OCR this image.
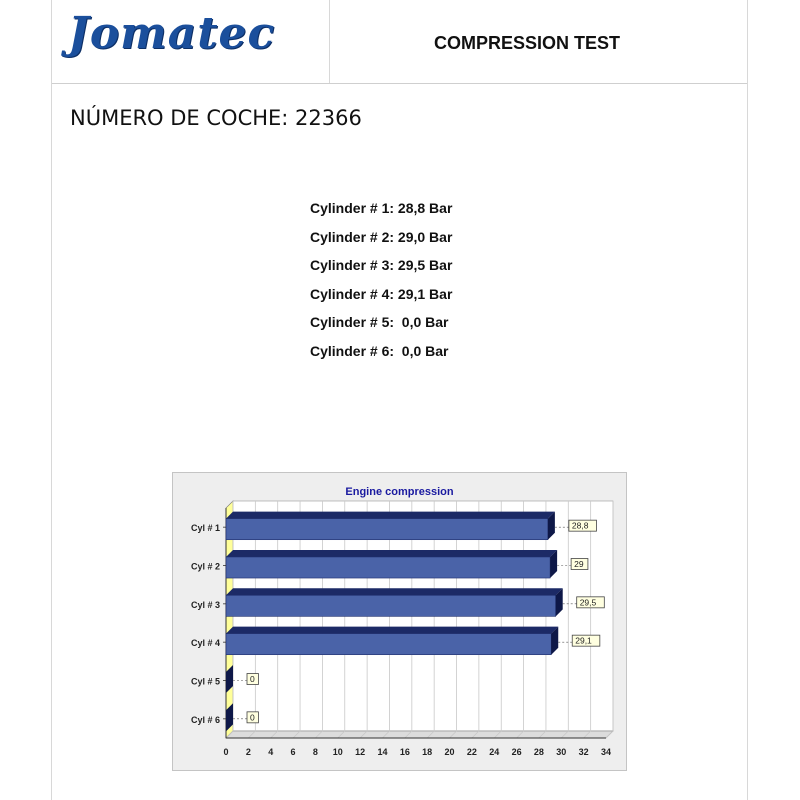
Jomatec	COMPRESSION TEST
NÚMERO DE COCHE: 22366
Cylinder # 1: 28,8 Bar
Cylinder # 2: 29,0 Bar
Cylinder # 3: 29,5 Bar
Cylinder # 4: 29,1 Bar
Cylinder # 5:  0,0 Bar
Cylinder # 6:  0,0 Bar
Engine compression
0 2 4 6 8 10 12 14 16 18 20 22 24 26 28 30 32 34
Cyl # 1	28,8
Cyl # 2	29
Cyl # 3	29,5
Cyl # 4	29,1
Cyl # 5	0
Cyl # 6	0
